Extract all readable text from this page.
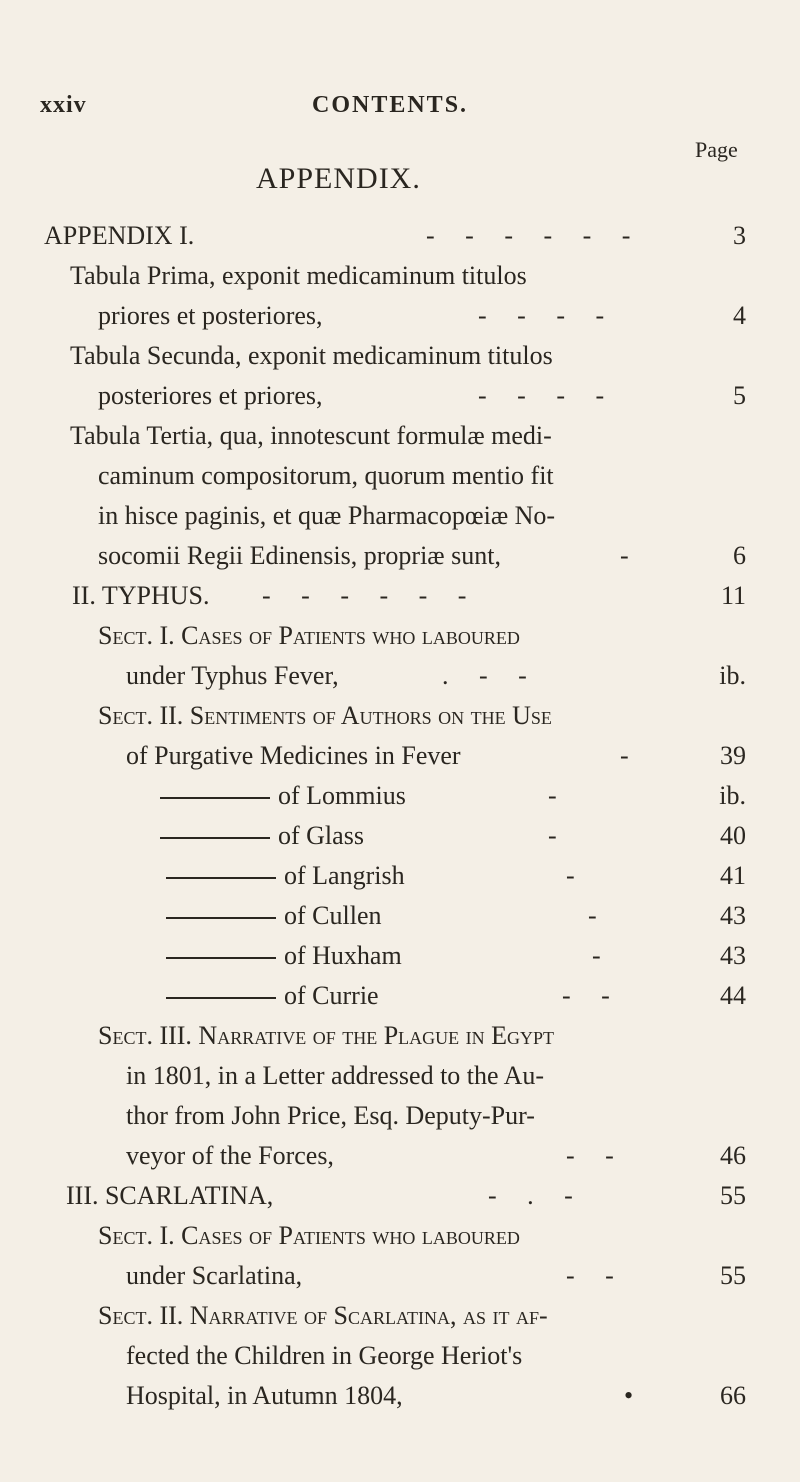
xxiv	CONTENTS.
Page
APPENDIX.
APPENDIX I.	- - - - - -	3
Tabula Prima, exponit medicaminum titulos
priores et posteriores,	- - - -	4
Tabula Secunda, exponit medicaminum titulos
posteriores et priores,	- - - -	5
Tabula Tertia, qua, innotescunt formulæ medi-
caminum compositorum, quorum mentio fit
in hisce paginis, et quæ Pharmacopœiæ No-
socomii Regii Edinensis, propriæ sunt,	-	6
II. TYPHUS. - - - - - -	11
Sect. I. Cases of Patients who laboured
under Typhus Fever,	. - -	ib.
Sect. II. Sentiments of Authors on the Use
of Purgative Medicines in Fever	-	39
of Lommius	-	ib.
of Glass	-	40
of Langrish	-	41
of Cullen	-	43
of Huxham	-	43
of Currie	- -	44
Sect. III. Narrative of the Plague in Egypt
in 1801, in a Letter addressed to the Au-
thor from John Price, Esq. Deputy-Pur-
veyor of the Forces,	- -	46
III. SCARLATINA,	- . -	55
Sect. I. Cases of Patients who laboured
under Scarlatina,	- -	55
Sect. II. Narrative of Scarlatina, as it af-
fected the Children in George Heriot's
Hospital, in Autumn 1804,	•	66
